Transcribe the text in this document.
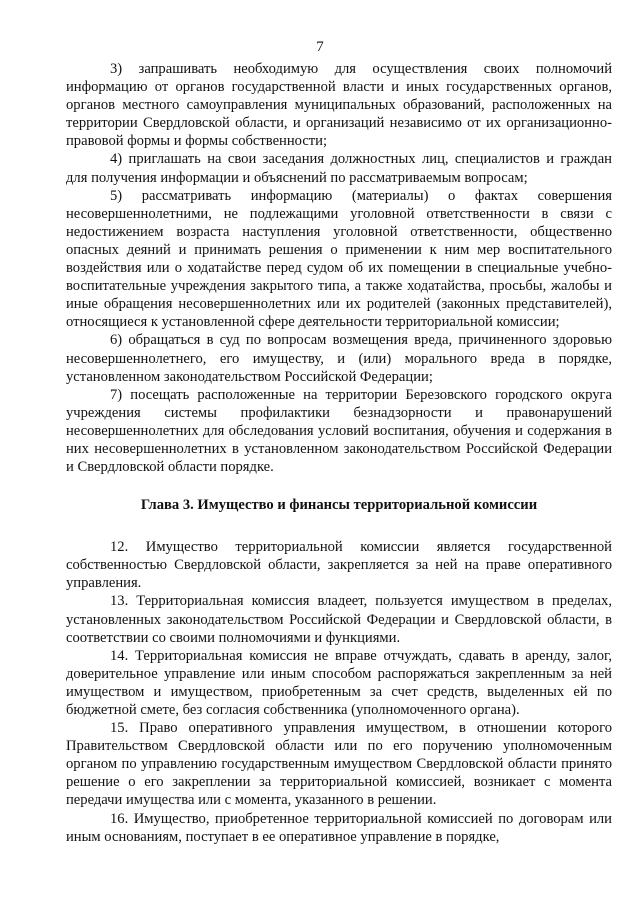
7

3) запрашивать необходимую для осуществления своих полномочий информацию от органов государственной власти и иных государственных органов, органов местного самоуправления муниципальных образований, расположенных на территории Свердловской области, и организаций независимо от их организационно-правовой формы и формы собственности;

4) приглашать на свои заседания должностных лиц, специалистов и граждан для получения информации и объяснений по рассматриваемым вопросам;

5) рассматривать информацию (материалы) о фактах совершения несовершеннолетними, не подлежащими уголовной ответственности в связи с недостижением возраста наступления уголовной ответственности, общественно опасных деяний и принимать решения о применении к ним мер воспитательного воздействия или о ходатайстве перед судом об их помещении в специальные учебно-воспитательные учреждения закрытого типа, а также ходатайства, просьбы, жалобы и иные обращения несовершеннолетних или их родителей (законных представителей), относящиеся к установленной сфере деятельности территориальной комиссии;

6) обращаться в суд по вопросам возмещения вреда, причиненного здоровью несовершеннолетнего, его имуществу, и (или) морального вреда в порядке, установленном законодательством Российской Федерации;

7) посещать расположенные на территории Березовского городского округа учреждения системы профилактики безнадзорности и правонарушений несовершеннолетних для обследования условий воспитания, обучения и содержания в них несовершеннолетних в установленном законодательством Российской Федерации и Свердловской области порядке.

Глава 3. Имущество и финансы территориальной комиссии

12. Имущество территориальной комиссии является государственной собственностью Свердловской области, закрепляется за ней на праве оперативного управления.

13. Территориальная комиссия владеет, пользуется имуществом в пределах, установленных законодательством Российской Федерации и Свердловской области, в соответствии со своими полномочиями и функциями.

14. Территориальная комиссия не вправе отчуждать, сдавать в аренду, залог, доверительное управление или иным способом распоряжаться закрепленным за ней имуществом и имуществом, приобретенным за счет средств, выделенных ей по бюджетной смете, без согласия собственника (уполномоченного органа).

15. Право оперативного управления имуществом, в отношении которого Правительством Свердловской области или по его поручению уполномоченным органом по управлению государственным имуществом Свердловской области принято решение о его закреплении за территориальной комиссией, возникает с момента передачи имущества или с момента, указанного в решении.

16. Имущество, приобретенное территориальной комиссией по договорам или иным основаниям, поступает в ее оперативное управление в порядке,
